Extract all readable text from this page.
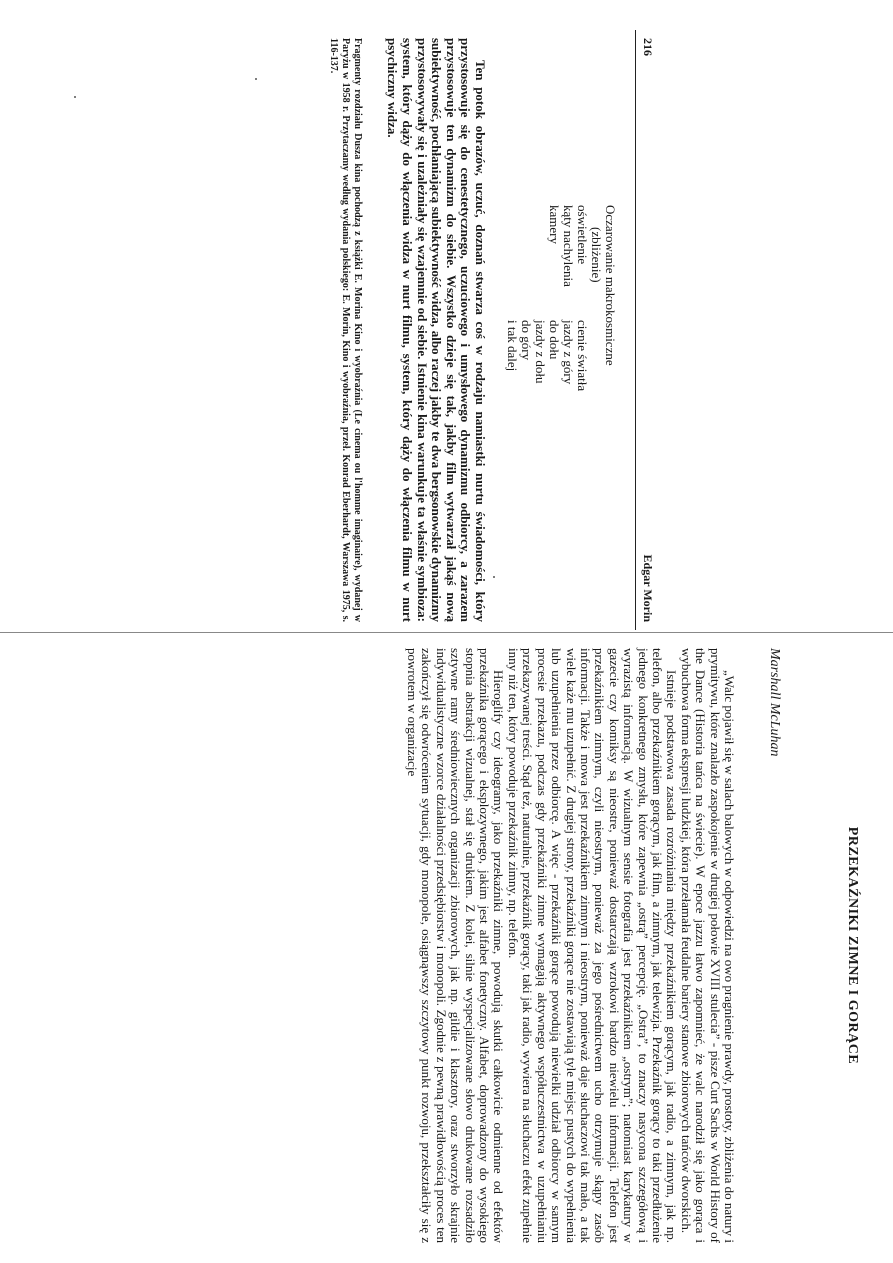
216
Edgar Morin
Oczarowanie makrokosmiczne
(zbliżenie)
oświetlenie
cienie światła
kąty nachylenia
jazdy z góry
kamery
do dołu
jazdy z dołu
do góry
i tak dalej

Ten potok obrazów, uczuć, doznań stwarza coś w rodzaju namiastki nurtu świadomości, który przystosowuje się do cenestetycznego, uczuciowego i umysłowego dynamizmu odbiorcy, a zarazem przystosowuje ten dynamizm do siebie. Wszystko dzieje się tak, jakby film wytwarzał jakąś nową subiektywność, pochłaniającą subiektywność widza, albo raczej jakby te dwa bergsonowskie dynamizmy przystosowywały się i uzależniały się wzajemnie od siebie. Istnienie kina warunkuje ta właśnie symbioza: system, który dąży do włączenia widza w nurt filmu, system, który dąży do włączenia filmu w nurt psychiczny widza.

Fragmenty rozdziału Dusza kina pochodzą z książki E. Morina Kino i wyobraźnia (Le cinema ou l'homme imaginaire), wydanej w Paryżu w 1958 r. Przytaczamy według wydania polskiego: E. Morin, Kino i wyobraźnia, przeł. Konrad Eberhardt, Warszawa 1975, s. 116-137.

PRZEKAŹNIKI ZIMNE I GORĄCE
Marshall McLuhan

„Walc pojawił się w salach balowych w odpowiedzi na owo pragnienie prawdy, prostoty, zbliżenia do natury i prymitywu, które znalazło zaspokojenie w drugiej połowie XVIII stulecia” - pisze Curt Sachs w World History of the Dance (Historia tańca na świecie). W epoce jazzu łatwo zapomnieć, że walc narodził się jako gorąca i wybuchowa forma ekspresji ludzkiej, która przełamała feudalne bariery stanowe zbiorowych tańców dworskich.

Istnieje podstawowa zasada rozróżniania między przekaźnikiem gorącym, jak radio, a zimnym, jak np. telefon, albo przekaźnikiem gorącym, jak film, a zimnym, jak telewizja. Przekaźnik gorący to taki przedłużenie jednego konkretnego zmysłu, które zapewnia „ostrą” percepcję. „Ostra”, to znaczy nasycona szczegółową i wyrazistą informacją. W wizualnym sensie fotografia jest przekaźnikiem „ostrym”; natomiast karykatury w gazecie czy komiksy są nieostre, ponieważ dostarczają wzrokowi bardzo niewielu informacji. Telefon jest przekaźnikiem zimnym, czyli nieostrym, ponieważ za jego pośrednictwem ucho otrzymuje skąpy zasób informacji. Także i mowa jest przekaźnikiem zimnym i nieostrym, ponieważ daje słuchaczowi tak mało, a tak wiele każe mu uzupełnić. Z drugiej strony, przekaźniki gorące nie zostawiają tyle miejsc pustych do wypełnienia lub uzupełnienia przez odbiorcę. A więc - przekaźniki gorące powodują niewielki udział odbiorcy w samym procesie przekazu, podczas gdy przekaźniki zimne wymagają aktywnego współuczestnictwa w uzupełnianiu przekazywanej treści. Stąd też, naturalnie, przekaźnik gorący, taki jak radio, wywiera na słuchaczu efekt zupełnie inny niż ten, który powoduje przekaźnik zimny, np. telefon.

Hieroglify czy ideogramy, jako przekaźniki zimne, powodują skutki całkowicie odmienne od efektów przekaźnika gorącego i eksplozywnego, jakim jest alfabet fonetyczny. Alfabet, doprowadzony do wysokiego stopnia abstrakcji wizualnej, stał się drukiem. Z kolei, silnie wyspecjalizowane słowo drukowane rozsadziło sztywne ramy średniowiecznych organizacji zbiorowych, jak np. gildie i klasztory, oraz stworzyło skrajnie indywidualistyczne wzorce działalności przedsiębiorstw i monopoli. Zgodnie z pewną prawidłowością proces ten zakończył się odwróceniem sytuacji, gdy monopole, osiągnąwszy szczytowy punkt rozwoju, przekształciły się z powrotem w organizacje
